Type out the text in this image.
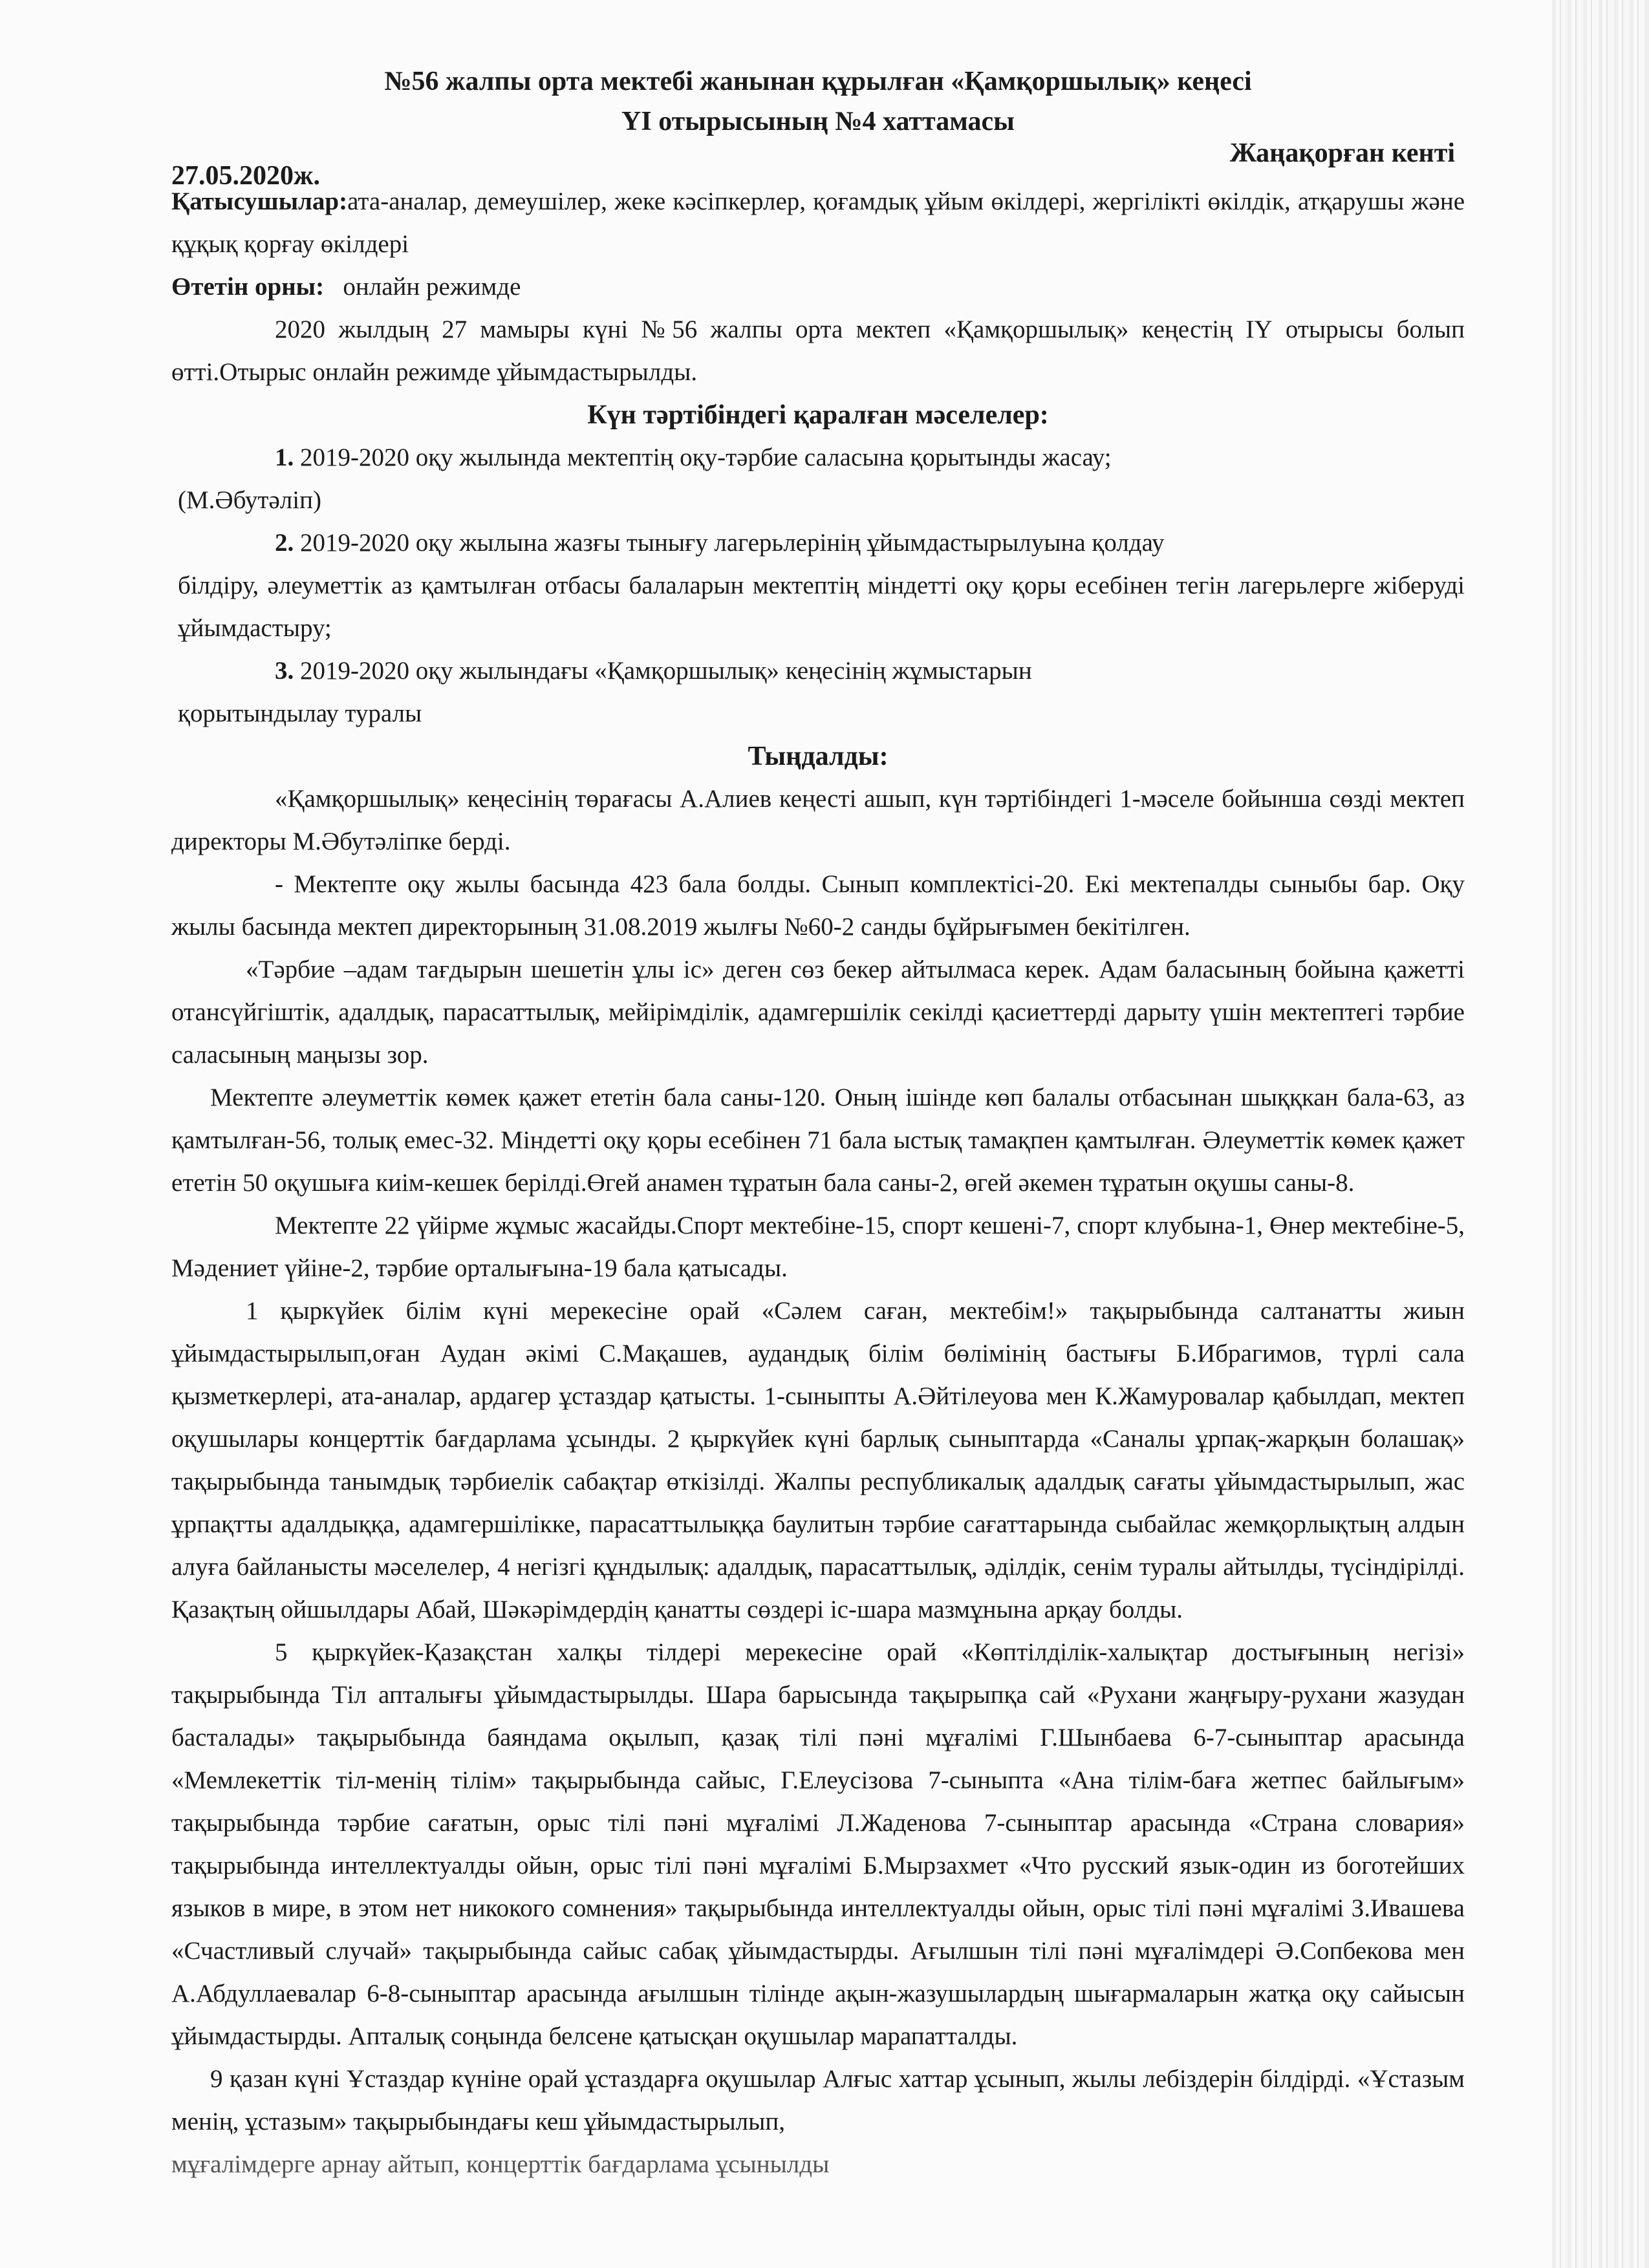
№56 жалпы орта мектебі жанынан құрылған «Қамқоршылық» кеңесі
ҮІ отырысының №4 хаттамасы
27.05.2020ж.
Жаңақорған кенті

Қатысушылар:ата-аналар, демеушілер, жеке кәсіпкерлер, қоғамдық ұйым өкілдері, жергілікті өкілдік, атқарушы және құқық қорғау өкілдері

Өтетін орны: онлайн режимде

2020 жылдың 27 мамыры күні №56 жалпы орта мектеп «Қамқоршылық» кеңестің ІҮ отырысы болып өтті.Отырыс онлайн режимде ұйымдастырылды.

Күн тәртібіндегі қаралған мәселелер:

1. 2019-2020 оқу жылында мектептің оқу-тәрбие саласына қорытынды жасау;

(М.Әбутәліп)

2. 2019-2020 оқу жылына жазғы тынығу лагерьлерінің ұйымдастырылуына қолдау

білдіру, әлеуметтік аз қамтылған отбасы балаларын мектептің міндетті оқу қоры есебінен тегін лагерьлерге жіберуді ұйымдастыру;

3. 2019-2020 оқу жылындағы «Қамқоршылық» кеңесінің жұмыстарын

қорытындылау туралы

Тыңдалды:

«Қамқоршылық» кеңесінің төрағасы А.Алиев кеңесті ашып, күн тәртібіндегі 1-мәселе бойынша сөзді мектеп директоры М.Әбутәліпке берді.

- Мектепте оқу жылы басында 423 бала болды. Сынып комплектісі-20. Екі мектепалды сыныбы бар. Оқу жылы басында мектеп директорының 31.08.2019 жылғы №60-2 санды бұйрығымен бекітілген.

«Тәрбие –адам тағдырын шешетін ұлы іс» деген сөз бекер айтылмаса керек. Адам баласының бойына қажетті отансүйгіштік, адалдық, парасаттылық, мейірімділік, адамгершілік секілді қасиеттерді дарыту үшін мектептегі тәрбие саласының маңызы зор.

Мектепте әлеуметтік көмек қажет ететін бала саны-120. Оның ішінде көп балалы отбасынан шыққкан бала-63, аз қамтылған-56, толық емес-32. Міндетті оқу қоры есебінен 71 бала ыстық тамақпен қамтылған. Әлеуметтік көмек қажет ететін 50 оқушыға киім-кешек берілді.Өгей анамен тұратын бала саны-2, өгей әкемен тұратын оқушы саны-8.

Мектепте 22 үйірме жұмыс жасайды.Спорт мектебіне-15, спорт кешені-7, спорт клубына-1, Өнер мектебіне-5, Мәдениет үйіне-2, тәрбие орталығына-19 бала қатысады.

1 қыркүйек білім күні мерекесіне орай «Сәлем саған, мектебім!» тақырыбында салтанатты жиын ұйымдастырылып,оған Аудан әкімі С.Мақашев, аудандық білім бөлімінің бастығы Б.Ибрагимов, түрлі сала қызметкерлері, ата-аналар, ардагер ұстаздар қатысты. 1-сыныпты А.Әйтілеуова мен К.Жамуровалар қабылдап, мектеп оқушылары концерттік бағдарлама ұсынды. 2 қыркүйек күні барлық сыныптарда «Саналы ұрпақ-жарқын болашақ» тақырыбында танымдық тәрбиелік сабақтар өткізілді. Жалпы республикалық адалдық сағаты ұйымдастырылып, жас ұрпақтты адалдыққа, адамгершілікке, парасаттылыққа баулитын тәрбие сағаттарында сыбайлас жемқорлықтың алдын алуға байланысты мәселелер, 4 негізгі құндылық: адалдық, парасаттылық, әділдік, сенім туралы айтылды, түсіндірілді. Қазақтың ойшылдары Абай, Шәкәрімдердің қанатты сөздері іс-шара мазмұнына арқау болды.

5 қыркүйек-Қазақстан халқы тілдері мерекесіне орай «Көптілділік-халықтар достығының негізі» тақырыбында Тіл апталығы ұйымдастырылды. Шара барысында тақырыпқа сай «Рухани жаңғыру-рухани жазудан басталады» тақырыбында баяндама оқылып, қазақ тілі пәні мұғалімі Г.Шынбаева 6-7-сыныптар арасында «Мемлекеттік тіл-менің тілім» тақырыбында сайыс, Г.Елеусізова 7-сыныпта «Ана тілім-баға жетпес байлығым» тақырыбында тәрбие сағатын, орыс тілі пәні мұғалімі Л.Жаденова 7-сыныптар арасында «Страна словария» тақырыбында интеллектуалды ойын, орыс тілі пәні мұғалімі Б.Мырзахмет «Что русский язык-один из боготейших языков в мире, в этом нет никокого сомнения» тақырыбында интеллектуалды ойын, орыс тілі пәні мұғалімі З.Ивашева «Счастливый случай» тақырыбында сайыс сабақ ұйымдастырды. Ағылшын тілі пәні мұғалімдері Ә.Сопбекова мен А.Абдуллаевалар 6-8-сыныптар арасында ағылшын тілінде ақын-жазушылардың шығармаларын жатқа оқу сайысын ұйымдастырды. Апталық соңында белсене қатысқан оқушылар марапатталды.

9 қазан күні Ұстаздар күніне орай ұстаздарға оқушылар Алғыс хаттар ұсынып, жылы лебіздерін білдірді. «Ұстазым менің, ұстазым» тақырыбындағы кеш ұйымдастырылып,

мұғалімдерге арнау айтып, концерттік бағдарлама ұсынылды
